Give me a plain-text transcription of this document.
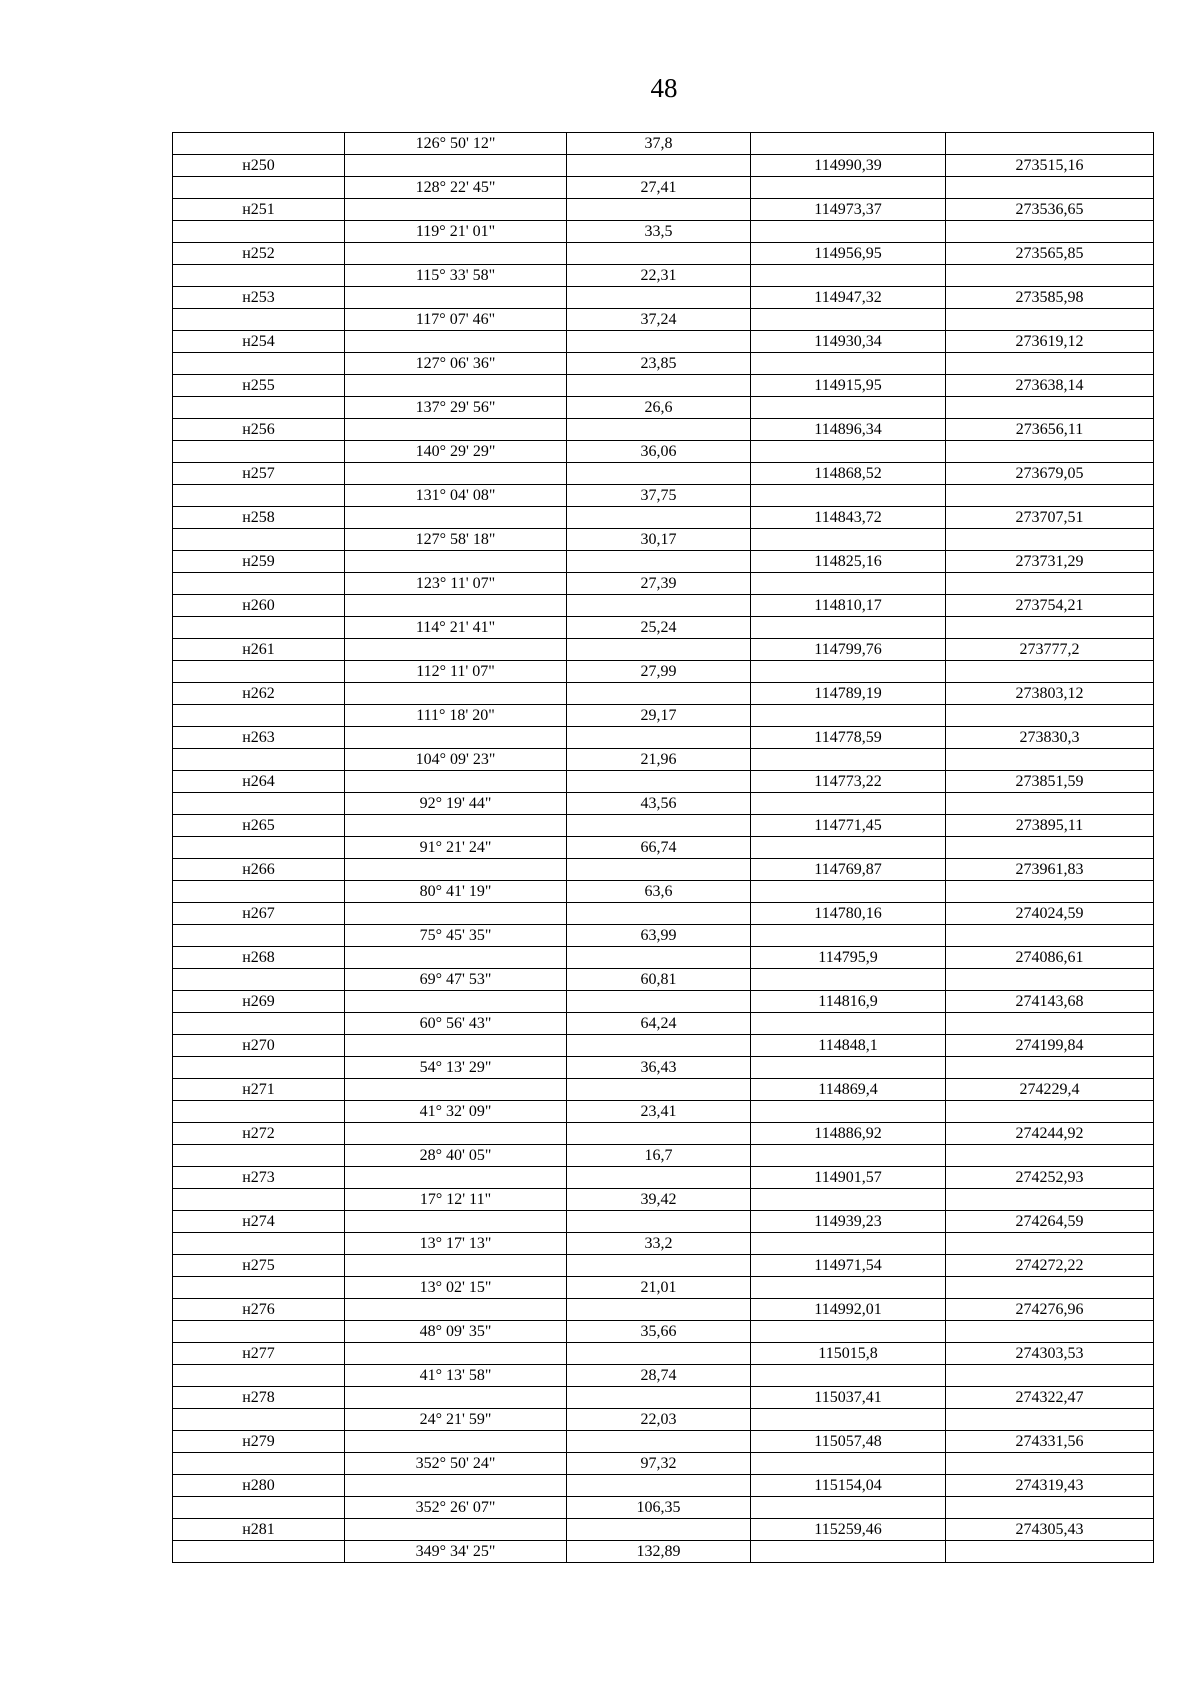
48
	126° 50' 12"	37,8		
н250			114990,39	273515,16
	128° 22' 45"	27,41		
н251			114973,37	273536,65
	119° 21' 01"	33,5		
н252			114956,95	273565,85
	115° 33' 58"	22,31		
н253			114947,32	273585,98
	117° 07' 46"	37,24		
н254			114930,34	273619,12
	127° 06' 36"	23,85		
н255			114915,95	273638,14
	137° 29' 56"	26,6		
н256			114896,34	273656,11
	140° 29' 29"	36,06		
н257			114868,52	273679,05
	131° 04' 08"	37,75		
н258			114843,72	273707,51
	127° 58' 18"	30,17		
н259			114825,16	273731,29
	123° 11' 07"	27,39		
н260			114810,17	273754,21
	114° 21' 41"	25,24		
н261			114799,76	273777,2
	112° 11' 07"	27,99		
н262			114789,19	273803,12
	111° 18' 20"	29,17		
н263			114778,59	273830,3
	104° 09' 23"	21,96		
н264			114773,22	273851,59
	92° 19' 44"	43,56		
н265			114771,45	273895,11
	91° 21' 24"	66,74		
н266			114769,87	273961,83
	80° 41' 19"	63,6		
н267			114780,16	274024,59
	75° 45' 35"	63,99		
н268			114795,9	274086,61
	69° 47' 53"	60,81		
н269			114816,9	274143,68
	60° 56' 43"	64,24		
н270			114848,1	274199,84
	54° 13' 29"	36,43		
н271			114869,4	274229,4
	41° 32' 09"	23,41		
н272			114886,92	274244,92
	28° 40' 05"	16,7		
н273			114901,57	274252,93
	17° 12' 11"	39,42		
н274			114939,23	274264,59
	13° 17' 13"	33,2		
н275			114971,54	274272,22
	13° 02' 15"	21,01		
н276			114992,01	274276,96
	48° 09' 35"	35,66		
н277			115015,8	274303,53
	41° 13' 58"	28,74		
н278			115037,41	274322,47
	24° 21' 59"	22,03		
н279			115057,48	274331,56
	352° 50' 24"	97,32		
н280			115154,04	274319,43
	352° 26' 07"	106,35		
н281			115259,46	274305,43
	349° 34' 25"	132,89		
